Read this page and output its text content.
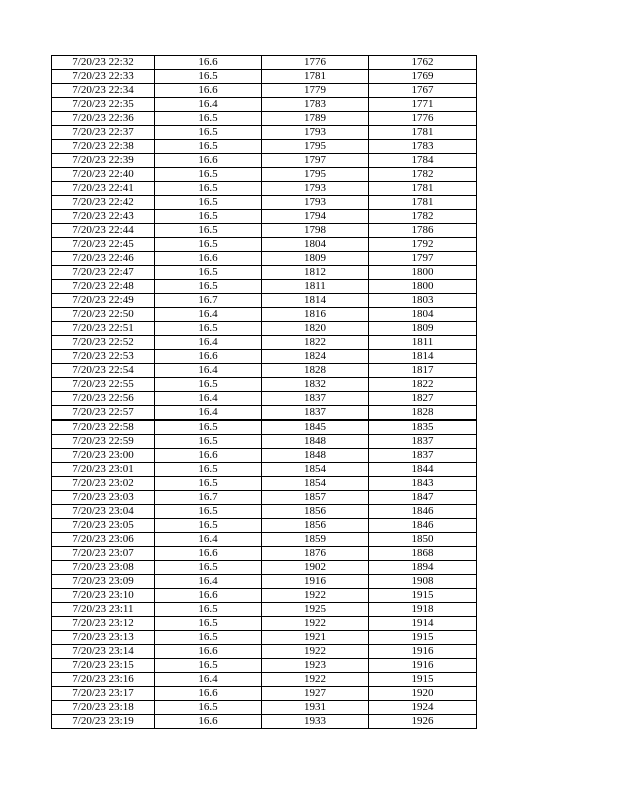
7/20/23 22:32	16.6	1776	1762
7/20/23 22:33	16.5	1781	1769
7/20/23 22:34	16.6	1779	1767
7/20/23 22:35	16.4	1783	1771
7/20/23 22:36	16.5	1789	1776
7/20/23 22:37	16.5	1793	1781
7/20/23 22:38	16.5	1795	1783
7/20/23 22:39	16.6	1797	1784
7/20/23 22:40	16.5	1795	1782
7/20/23 22:41	16.5	1793	1781
7/20/23 22:42	16.5	1793	1781
7/20/23 22:43	16.5	1794	1782
7/20/23 22:44	16.5	1798	1786
7/20/23 22:45	16.5	1804	1792
7/20/23 22:46	16.6	1809	1797
7/20/23 22:47	16.5	1812	1800
7/20/23 22:48	16.5	1811	1800
7/20/23 22:49	16.7	1814	1803
7/20/23 22:50	16.4	1816	1804
7/20/23 22:51	16.5	1820	1809
7/20/23 22:52	16.4	1822	1811
7/20/23 22:53	16.6	1824	1814
7/20/23 22:54	16.4	1828	1817
7/20/23 22:55	16.5	1832	1822
7/20/23 22:56	16.4	1837	1827
7/20/23 22:57	16.4	1837	1828
7/20/23 22:58	16.5	1845	1835
7/20/23 22:59	16.5	1848	1837
7/20/23 23:00	16.6	1848	1837
7/20/23 23:01	16.5	1854	1844
7/20/23 23:02	16.5	1854	1843
7/20/23 23:03	16.7	1857	1847
7/20/23 23:04	16.5	1856	1846
7/20/23 23:05	16.5	1856	1846
7/20/23 23:06	16.4	1859	1850
7/20/23 23:07	16.6	1876	1868
7/20/23 23:08	16.5	1902	1894
7/20/23 23:09	16.4	1916	1908
7/20/23 23:10	16.6	1922	1915
7/20/23 23:11	16.5	1925	1918
7/20/23 23:12	16.5	1922	1914
7/20/23 23:13	16.5	1921	1915
7/20/23 23:14	16.6	1922	1916
7/20/23 23:15	16.5	1923	1916
7/20/23 23:16	16.4	1922	1915
7/20/23 23:17	16.6	1927	1920
7/20/23 23:18	16.5	1931	1924
7/20/23 23:19	16.6	1933	1926
